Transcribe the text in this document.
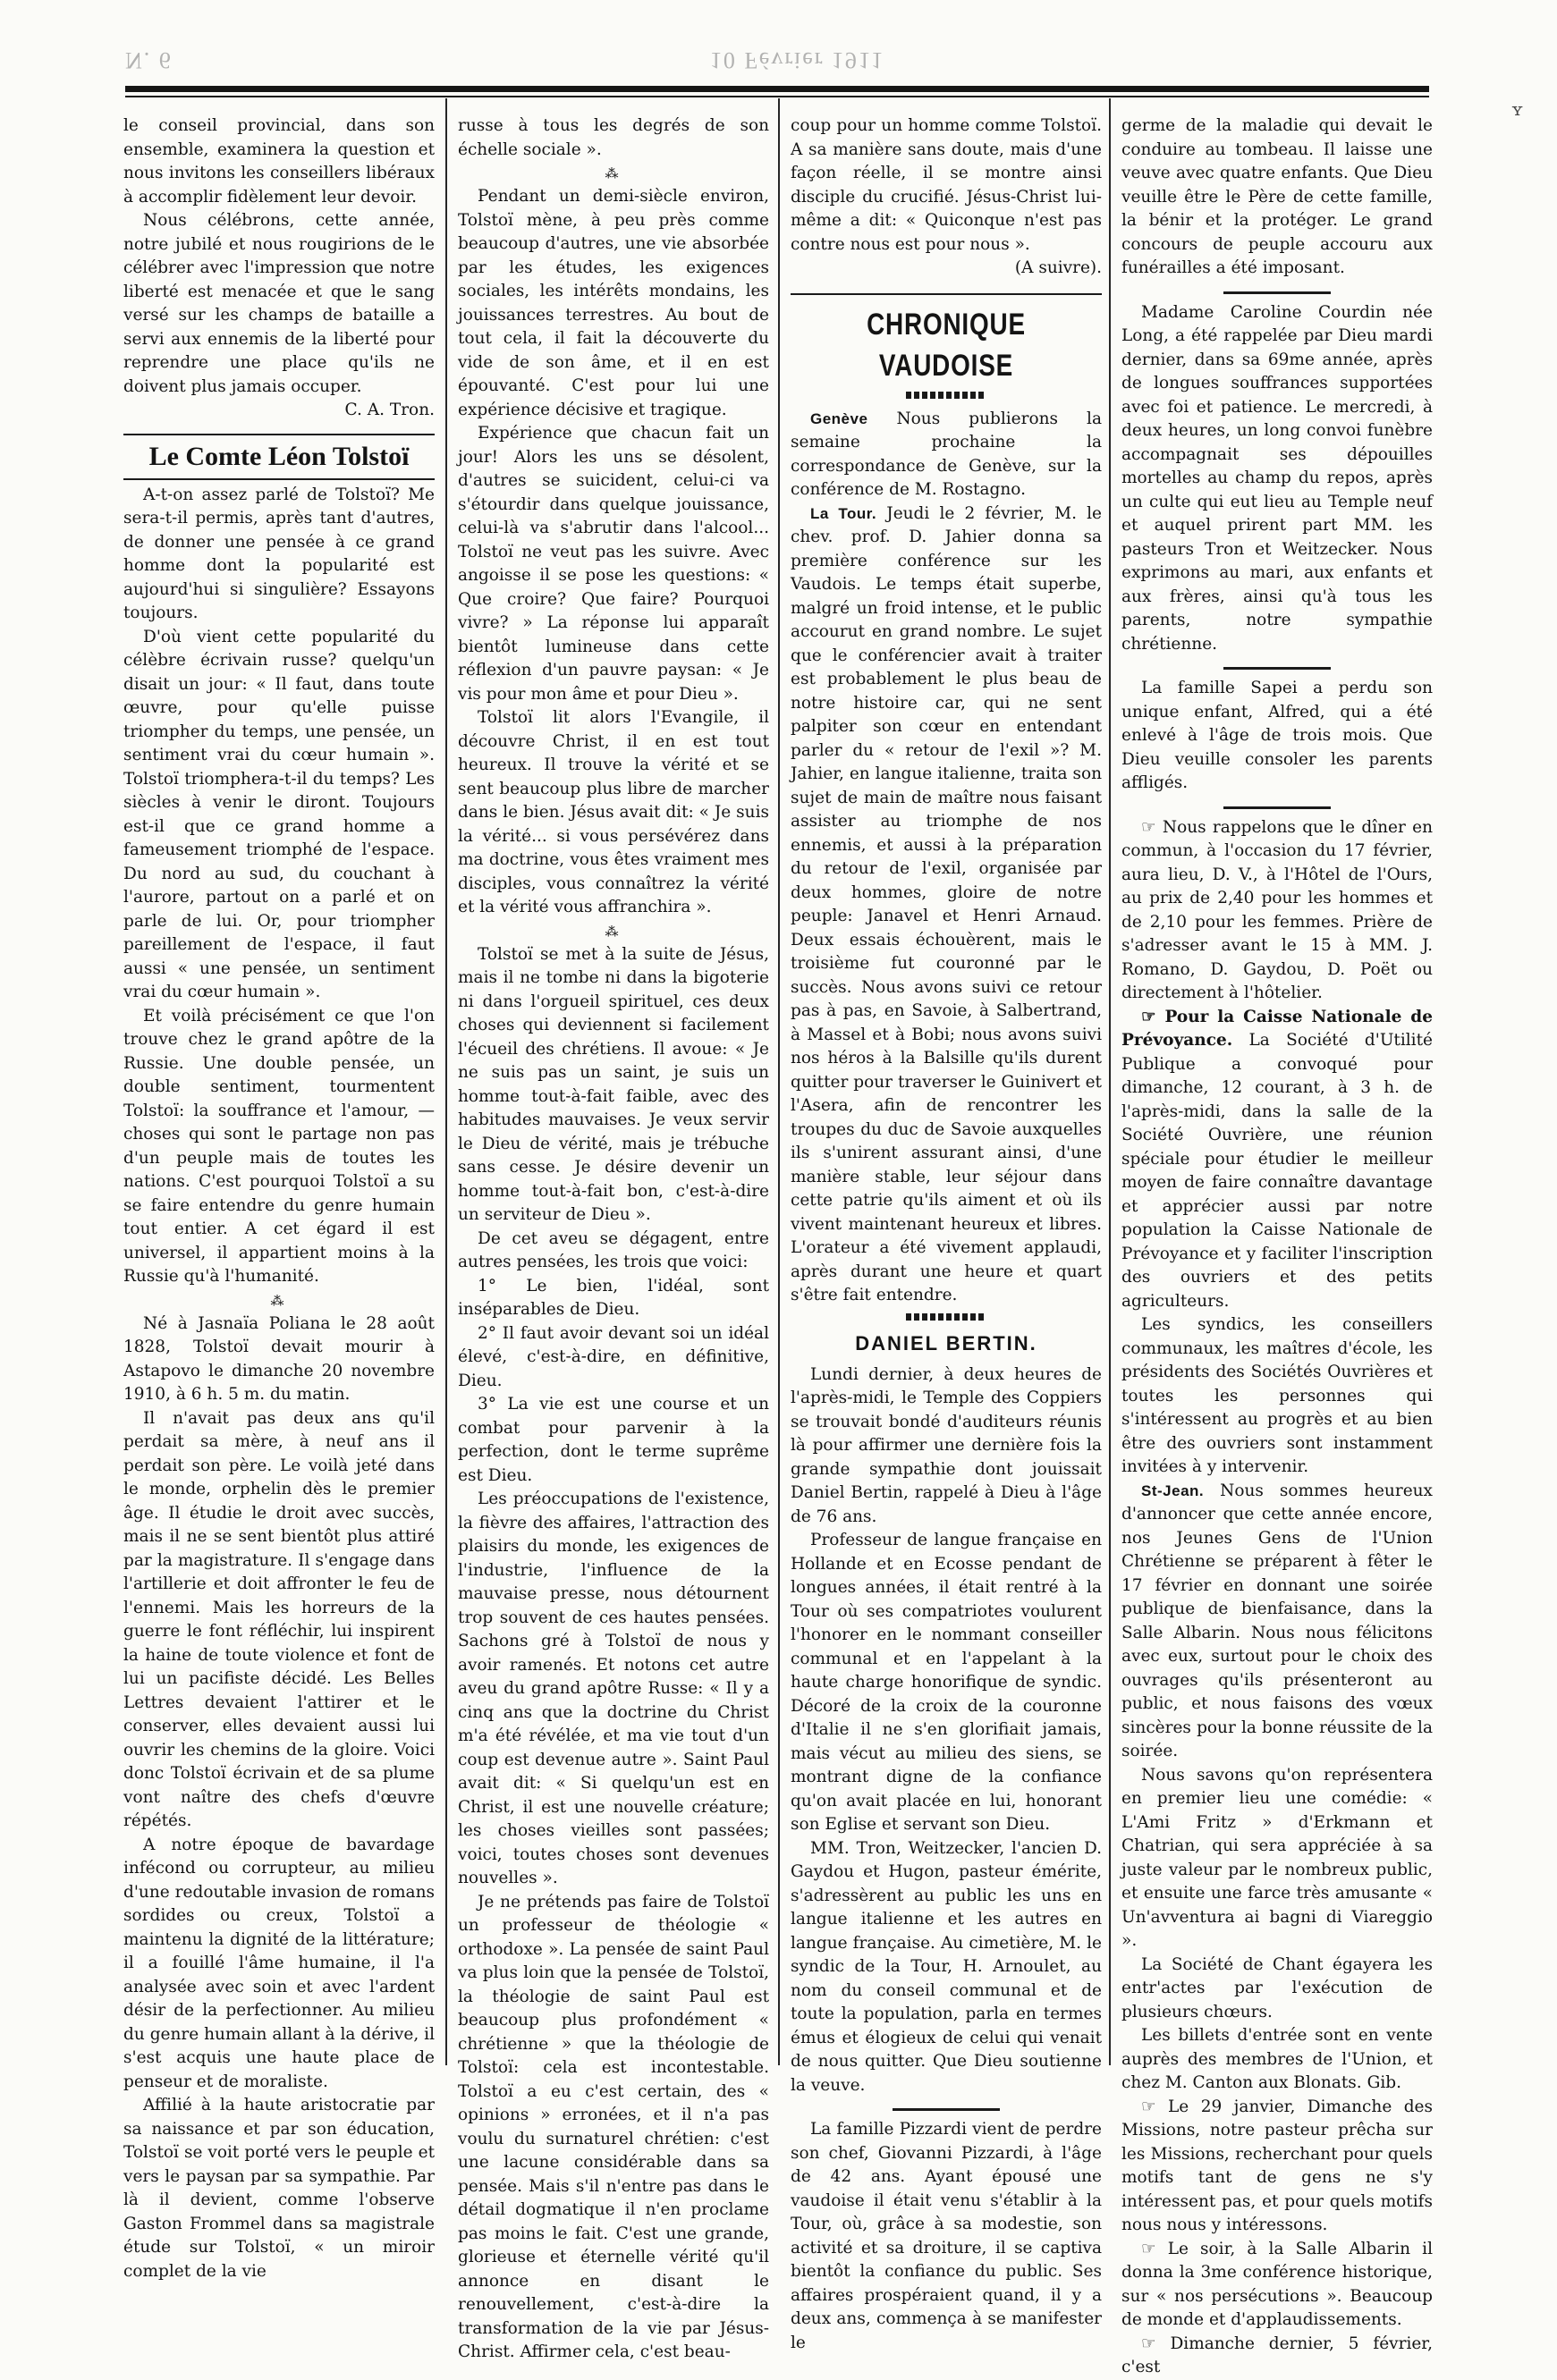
N. 6	10 Février 1911

le conseil provincial, dans son ensemble, examinera la question et nous invitons les conseillers libéraux à accomplir fidèlement leur devoir.

Nous célébrons, cette année, notre jubilé et nous rougirions de le célébrer avec l'impression que notre liberté est menacée et que le sang versé sur les champs de bataille a servi aux ennemis de la liberté pour reprendre une place qu'ils ne doivent plus jamais occuper.

C. A. Tron.

Le Comte Léon Tolstoï

A-t-on assez parlé de Tolstoï? Me sera-t-il permis, après tant d'autres, de donner une pensée à ce grand homme dont la popularité est aujourd'hui si singulière? Essayons toujours.

D'où vient cette popularité du célèbre écrivain russe? quelqu'un disait un jour: « Il faut, dans toute œuvre, pour qu'elle puisse triompher du temps, une pensée, un sentiment vrai du cœur humain ». Tolstoï triomphera-t-il du temps? Les siècles à venir le diront. Toujours est-il que ce grand homme a fameusement triomphé de l'espace. Du nord au sud, du couchant à l'aurore, partout on a parlé et on parle de lui. Or, pour triompher pareillement de l'espace, il faut aussi « une pensée, un sentiment vrai du cœur humain ».

Et voilà précisément ce que l'on trouve chez le grand apôtre de la Russie. Une double pensée, un double sentiment, tourmentent Tolstoï: la souffrance et l'amour, — choses qui sont le partage non pas d'un peuple mais de toutes les nations. C'est pourquoi Tolstoï a su se faire entendre du genre humain tout entier. A cet égard il est universel, il appartient moins à la Russie qu'à l'humanité.

⁂

Né à Jasnaïa Poliana le 28 août 1828, Tolstoï devait mourir à Astapovo le dimanche 20 novembre 1910, à 6 h. 5 m. du matin.

Il n'avait pas deux ans qu'il perdait sa mère, à neuf ans il perdait son père. Le voilà jeté dans le monde, orphelin dès le premier âge. Il étudie le droit avec succès, mais il ne se sent bientôt plus attiré par la magistrature. Il s'engage dans l'artillerie et doit affronter le feu de l'ennemi. Mais les horreurs de la guerre le font réfléchir, lui inspirent la haine de toute violence et font de lui un pacifiste décidé. Les Belles Lettres devaient l'attirer et le conserver, elles devaient aussi lui ouvrir les chemins de la gloire. Voici donc Tolstoï écrivain et de sa plume vont naître des chefs d'œuvre répétés.

A notre époque de bavardage infécond ou corrupteur, au milieu d'une redoutable invasion de romans sordides ou creux, Tolstoï a maintenu la dignité de la littérature; il a fouillé l'âme humaine, il l'a analysée avec soin et avec l'ardent désir de la perfectionner. Au milieu du genre humain allant à la dérive, il s'est acquis une haute place de penseur et de moraliste.

Affilié à la haute aristocratie par sa naissance et par son éducation, Tolstoï se voit porté vers le peuple et vers le paysan par sa sympathie. Par là il devient, comme l'observe Gaston Frommel dans sa magistrale étude sur Tolstoï, « un miroir complet de la vie

russe à tous les degrés de son échelle sociale ».

⁂

Pendant un demi-siècle environ, Tolstoï mène, à peu près comme beaucoup d'autres, une vie absorbée par les études, les exigences sociales, les intérêts mondains, les jouissances terrestres. Au bout de tout cela, il fait la découverte du vide de son âme, et il en est épouvanté. C'est pour lui une expérience décisive et tragique.

Expérience que chacun fait un jour! Alors les uns se désolent, d'autres se suicident, celui-ci va s'étourdir dans quelque jouissance, celui-là va s'abrutir dans l'alcool... Tolstoï ne veut pas les suivre. Avec angoisse il se pose les questions: « Que croire? Que faire? Pourquoi vivre? » La réponse lui apparaît bientôt lumineuse dans cette réflexion d'un pauvre paysan: « Je vis pour mon âme et pour Dieu ».

Tolstoï lit alors l'Evangile, il découvre Christ, il en est tout heureux. Il trouve la vérité et se sent beaucoup plus libre de marcher dans le bien. Jésus avait dit: « Je suis la vérité... si vous persévérez dans ma doctrine, vous êtes vraiment mes disciples, vous connaîtrez la vérité et la vérité vous affranchira ».

⁂

Tolstoï se met à la suite de Jésus, mais il ne tombe ni dans la bigoterie ni dans l'orgueil spirituel, ces deux choses qui deviennent si facilement l'écueil des chrétiens. Il avoue: « Je ne suis pas un saint, je suis un homme tout-à-fait faible, avec des habitudes mauvaises. Je veux servir le Dieu de vérité, mais je trébuche sans cesse. Je désire devenir un homme tout-à-fait bon, c'est-à-dire un serviteur de Dieu ».

De cet aveu se dégagent, entre autres pensées, les trois que voici:

1° Le bien, l'idéal, sont inséparables de Dieu.

2° Il faut avoir devant soi un idéal élevé, c'est-à-dire, en définitive, Dieu.

3° La vie est une course et un combat pour parvenir à la perfection, dont le terme suprême est Dieu.

Les préoccupations de l'existence, la fièvre des affaires, l'attraction des plaisirs du monde, les exigences de l'industrie, l'influence de la mauvaise presse, nous détournent trop souvent de ces hautes pensées. Sachons gré à Tolstoï de nous y avoir ramenés. Et notons cet autre aveu du grand apôtre Russe: « Il y a cinq ans que la doctrine du Christ m'a été révélée, et ma vie tout d'un coup est devenue autre ». Saint Paul avait dit: « Si quelqu'un est en Christ, il est une nouvelle créature; les choses vieilles sont passées; voici, toutes choses sont devenues nouvelles ».

Je ne prétends pas faire de Tolstoï un professeur de théologie « orthodoxe ». La pensée de saint Paul va plus loin que la pensée de Tolstoï, la théologie de saint Paul est beaucoup plus profondément « chrétienne » que la théologie de Tolstoï: cela est incontestable. Tolstoï a eu c'est certain, des « opinions » erronées, et il n'a pas voulu du surnaturel chrétien: c'est une lacune considérable dans sa pensée. Mais s'il n'entre pas dans le détail dogmatique il n'en proclame pas moins le fait. C'est une grande, glorieuse et éternelle vérité qu'il annonce en disant le renouvellement, c'est-à-dire la transformation de la vie par Jésus-Christ. Affirmer cela, c'est beau-

coup pour un homme comme Tolstoï. A sa manière sans doute, mais d'une façon réelle, il se montre ainsi disciple du crucifié. Jésus-Christ lui-même a dit: « Quiconque n'est pas contre nous est pour nous ».

(A suivre).

CHRONIQUE VAUDOISE

Genève Nous publierons la semaine prochaine la correspondance de Genève, sur la conférence de M. Rostagno.

La Tour. Jeudi le 2 février, M. le chev. prof. D. Jahier donna sa première conférence sur les Vaudois. Le temps était superbe, malgré un froid intense, et le public accourut en grand nombre. Le sujet que le conférencier avait à traiter est probablement le plus beau de notre histoire car, qui ne sent palpiter son cœur en entendant parler du « retour de l'exil »? M. Jahier, en langue italienne, traita son sujet de main de maître nous faisant assister au triomphe de nos ennemis, et aussi à la préparation du retour de l'exil, organisée par deux hommes, gloire de notre peuple: Janavel et Henri Arnaud. Deux essais échouèrent, mais le troisième fut couronné par le succès. Nous avons suivi ce retour pas à pas, en Savoie, à Salbertrand, à Massel et à Bobi; nous avons suivi nos héros à la Balsille qu'ils durent quitter pour traverser le Guinivert et l'Asera, afin de rencontrer les troupes du duc de Savoie auxquelles ils s'unirent assurant ainsi, d'une manière stable, leur séjour dans cette patrie qu'ils aiment et où ils vivent maintenant heureux et libres. L'orateur a été vivement applaudi, après durant une heure et quart s'être fait entendre.

DANIEL BERTIN.

Lundi dernier, à deux heures de l'après-midi, le Temple des Coppiers se trouvait bondé d'auditeurs réunis là pour affirmer une dernière fois la grande sympathie dont jouissait Daniel Bertin, rappelé à Dieu à l'âge de 76 ans.

Professeur de langue française en Hollande et en Ecosse pendant de longues années, il était rentré à la Tour où ses compatriotes voulurent l'honorer en le nommant conseiller communal et en l'appelant à la haute charge honorifique de syndic. Décoré de la croix de la couronne d'Italie il ne s'en glorifiait jamais, mais vécut au milieu des siens, se montrant digne de la confiance qu'on avait placée en lui, honorant son Eglise et servant son Dieu.

MM. Tron, Weitzecker, l'ancien D. Gaydou et Hugon, pasteur émérite, s'adressèrent au public les uns en langue italienne et les autres en langue française. Au cimetière, M. le syndic de la Tour, H. Arnoulet, au nom du conseil communal et de toute la population, parla en termes émus et élogieux de celui qui venait de nous quitter. Que Dieu soutienne la veuve.

La famille Pizzardi vient de perdre son chef, Giovanni Pizzardi, à l'âge de 42 ans. Ayant épousé une vaudoise il était venu s'établir à la Tour, où, grâce à sa modestie, son activité et sa droiture, il se captiva bientôt la confiance du public. Ses affaires prospéraient quand, il y a deux ans, commença à se manifester le

germe de la maladie qui devait le conduire au tombeau. Il laisse une veuve avec quatre enfants. Que Dieu veuille être le Père de cette famille, la bénir et la protéger. Le grand concours de peuple accouru aux funérailles a été imposant.

Madame Caroline Courdin née Long, a été rappelée par Dieu mardi dernier, dans sa 69me année, après de longues souffrances supportées avec foi et patience. Le mercredi, à deux heures, un long convoi funèbre accompagnait ses dépouilles mortelles au champ du repos, après un culte qui eut lieu au Temple neuf et auquel prirent part MM. les pasteurs Tron et Weitzecker. Nous exprimons au mari, aux enfants et aux frères, ainsi qu'à tous les parents, notre sympathie chrétienne.

La famille Sapei a perdu son unique enfant, Alfred, qui a été enlevé à l'âge de trois mois. Que Dieu veuille consoler les parents affligés.

☞ Nous rappelons que le dîner en commun, à l'occasion du 17 février, aura lieu, D. V., à l'Hôtel de l'Ours, au prix de 2,40 pour les hommes et de 2,10 pour les femmes. Prière de s'adresser avant le 15 à MM. J. Romano, D. Gaydou, D. Poët ou directement à l'hôtelier.

☞ Pour la Caisse Nationale de Prévoyance. La Société d'Utilité Publique a convoqué pour dimanche, 12 courant, à 3 h. de l'après-midi, dans la salle de la Société Ouvrière, une réunion spéciale pour étudier le meilleur moyen de faire connaître davantage et apprécier aussi par notre population la Caisse Nationale de Prévoyance et y faciliter l'inscription des ouvriers et des petits agriculteurs.

Les syndics, les conseillers communaux, les maîtres d'école, les présidents des Sociétés Ouvrières et toutes les personnes qui s'intéressent au progrès et au bien être des ouvriers sont instamment invitées à y intervenir.

St-Jean. Nous sommes heureux d'annoncer que cette année encore, nos Jeunes Gens de l'Union Chrétienne se préparent à fêter le 17 février en donnant une soirée publique de bienfaisance, dans la Salle Albarin. Nous nous félicitons avec eux, surtout pour le choix des ouvrages qu'ils présenteront au public, et nous faisons des vœux sincères pour la bonne réussite de la soirée.

Nous savons qu'on représentera en premier lieu une comédie: « L'Ami Fritz » d'Erkmann et Chatrian, qui sera appréciée à sa juste valeur par le nombreux public, et ensuite une farce très amusante « Un'avventura ai bagni di Viareggio ».

La Société de Chant égayera les entr'actes par l'exécution de plusieurs chœurs.

Les billets d'entrée sont en vente auprès des membres de l'Union, et chez M. Canton aux Blonats. Gib.

☞ Le 29 janvier, Dimanche des Missions, notre pasteur prêcha sur les Missions, recherchant pour quels motifs tant de gens ne s'y intéressent pas, et pour quels motifs nous nous y intéressons.

☞ Le soir, à la Salle Albarin il donna la 3me conférence historique, sur « nos persécutions ». Beaucoup de monde et d'applaudissements.

☞ Dimanche dernier, 5 février, c'est

ʏ
